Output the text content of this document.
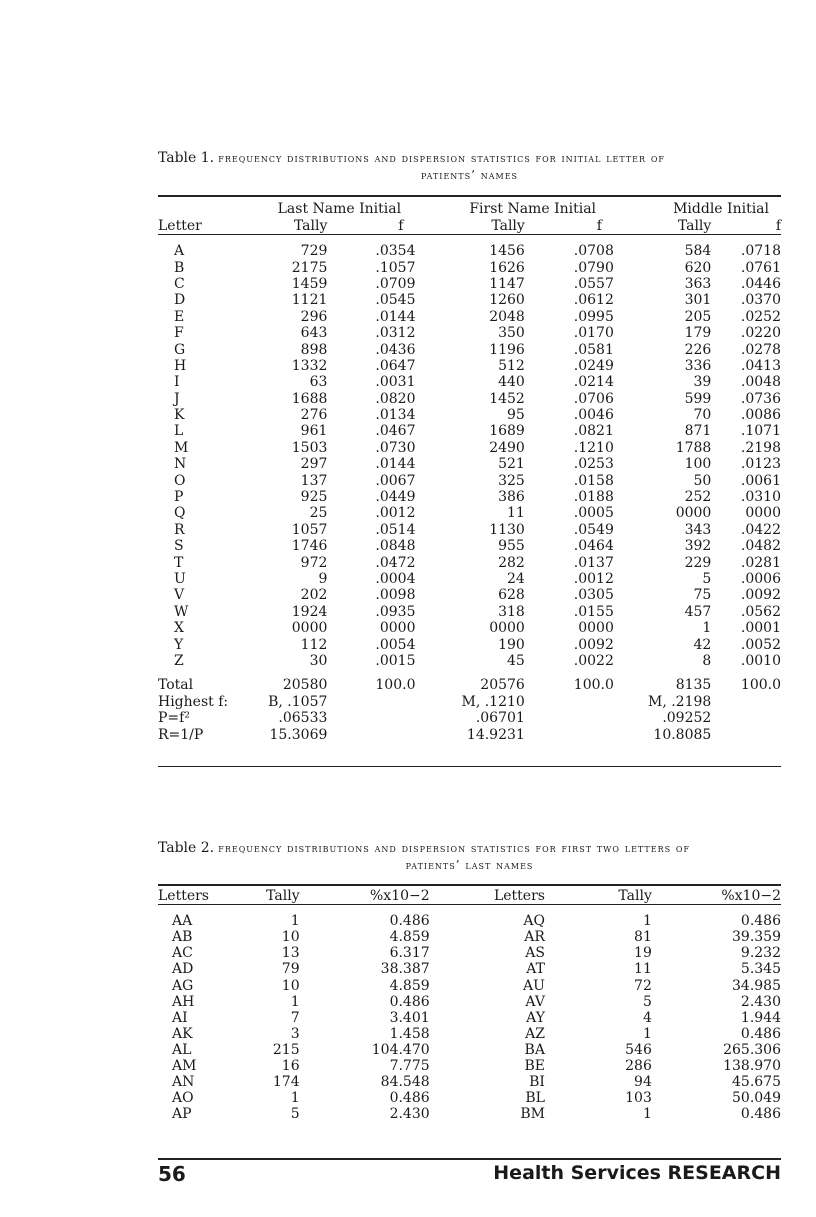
Table 1. frequency distributions and dispersion statistics for initial letter of
patients’ names
	Last Name Initial		First Name Initial		Middle Initial	
Letter	Tally	f	Tally	f	Tally	f

A	729	.0354	1456	.0708	584	.0718
B	2175	.1057	1626	.0790	620	.0761
C	1459	.0709	1147	.0557	363	.0446
D	1121	.0545	1260	.0612	301	.0370
E	296	.0144	2048	.0995	205	.0252
F	643	.0312	350	.0170	179	.0220
G	898	.0436	1196	.0581	226	.0278
H	1332	.0647	512	.0249	336	.0413
I	63	.0031	440	.0214	39	.0048
J	1688	.0820	1452	.0706	599	.0736
K	276	.0134	95	.0046	70	.0086
L	961	.0467	1689	.0821	871	.1071
M	1503	.0730	2490	.1210	1788	.2198
N	297	.0144	521	.0253	100	.0123
O	137	.0067	325	.0158	50	.0061
P	925	.0449	386	.0188	252	.0310
Q	25	.0012	11	.0005	0000	0000
R	1057	.0514	1130	.0549	343	.0422
S	1746	.0848	955	.0464	392	.0482
T	972	.0472	282	.0137	229	.0281
U	9	.0004	24	.0012	5	.0006
V	202	.0098	628	.0305	75	.0092
W	1924	.0935	318	.0155	457	.0562
X	0000	0000	0000	0000	1	.0001
Y	112	.0054	190	.0092	42	.0052
Z	30	.0015	45	.0022	8	.0010

Total	20580	100.0	20576	100.0	8135	100.0
Highest f:	B, .1057		M, .1210		M, .2198	
P=f²	.06533		.06701		.09252	
R=1/P	15.3069		14.9231		10.8085	
Table 2. frequency distributions and dispersion statistics for first two letters of
patients’ last names
Letters	Tally	%x10−2	Letters	Tally	%x10−2

AA	1	0.486	AQ	1	0.486
AB	10	4.859	AR	81	39.359
AC	13	6.317	AS	19	9.232
AD	79	38.387	AT	11	5.345
AG	10	4.859	AU	72	34.985
AH	1	0.486	AV	5	2.430
AI	7	3.401	AY	4	1.944
AK	3	1.458	AZ	1	0.486
AL	215	104.470	BA	546	265.306
AM	16	7.775	BE	286	138.970
AN	174	84.548	BI	94	45.675
AO	1	0.486	BL	103	50.049
AP	5	2.430	BM	1	0.486
56	Health Services RESEARCH
